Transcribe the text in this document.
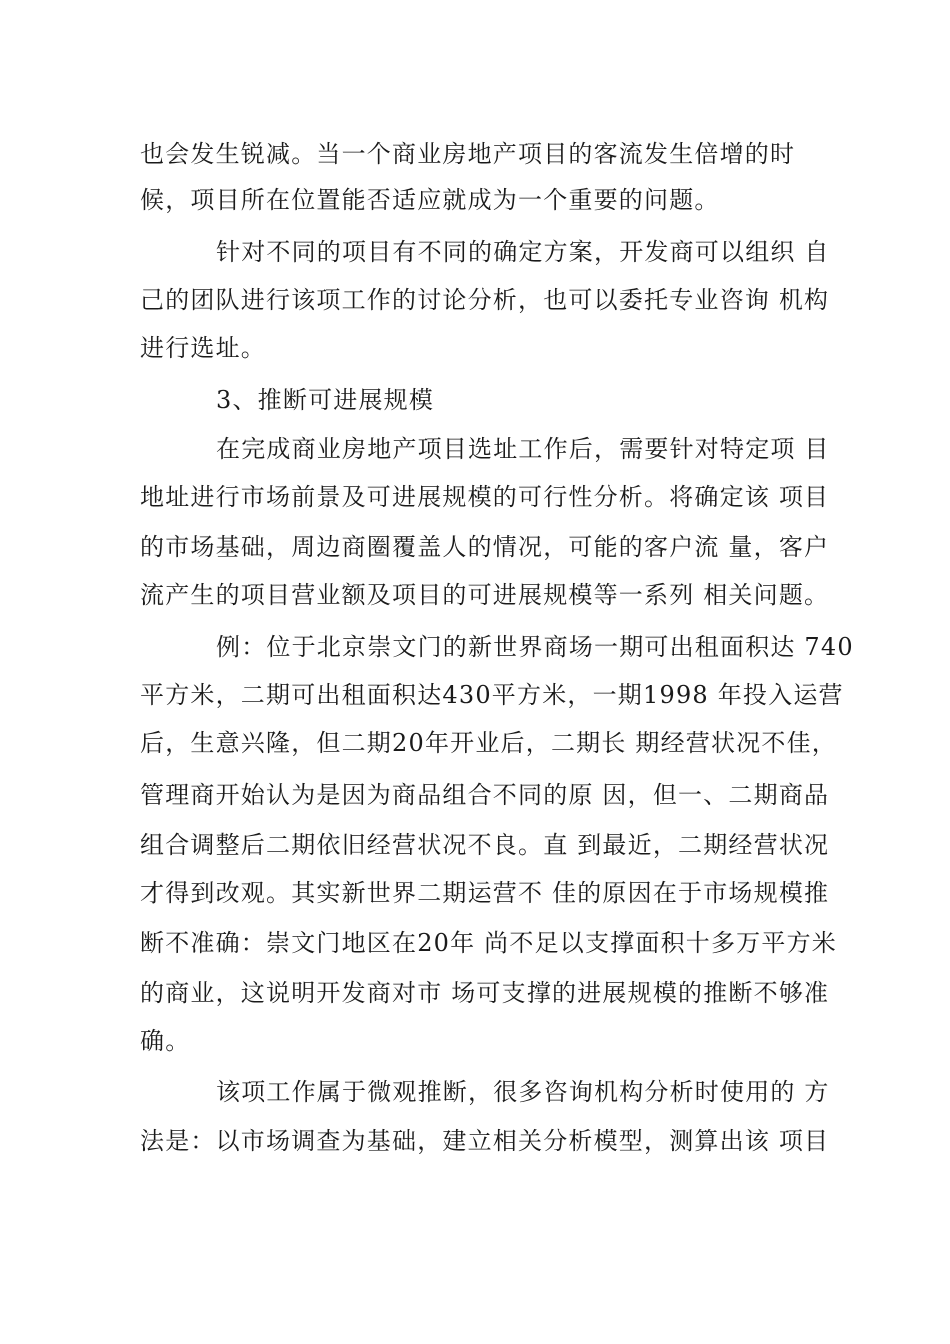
也会发生锐减。当一个商业房地产项目的客流发生倍增的时
候，项目所在位置能否适应就成为一个重要的问题。
针对不同的项目有不同的确定方案，开发商可以组织 自
己的团队进行该项工作的讨论分析，也可以委托专业咨询 机构
进行选址。
3、推断可进展规模
在完成商业房地产项目选址工作后，需要针对特定项 目
地址进行市场前景及可进展规模的可行性分析。将确定该 项目
的市场基础，周边商圈覆盖人的情况，可能的客户流 量，客户
流产生的项目营业额及项目的可进展规模等一系列 相关问题。
例：位于北京崇文门的新世界商场一期可出租面积达 740
平方米，二期可出租面积达430平方米，一期1998 年投入运营
后，生意兴隆，但二期20年开业后，二期长 期经营状况不佳，
管理商开始认为是因为商品组合不同的原 因，但一、二期商品
组合调整后二期依旧经营状况不良。直 到最近，二期经营状况
才得到改观。其实新世界二期运营不 佳的原因在于市场规模推
断不准确：崇文门地区在20年 尚不足以支撑面积十多万平方米
的商业，这说明开发商对市 场可支撑的进展规模的推断不够准
确。
该项工作属于微观推断，很多咨询机构分析时使用的 方
法是：以市场调查为基础，建立相关分析模型，测算出该 项目
